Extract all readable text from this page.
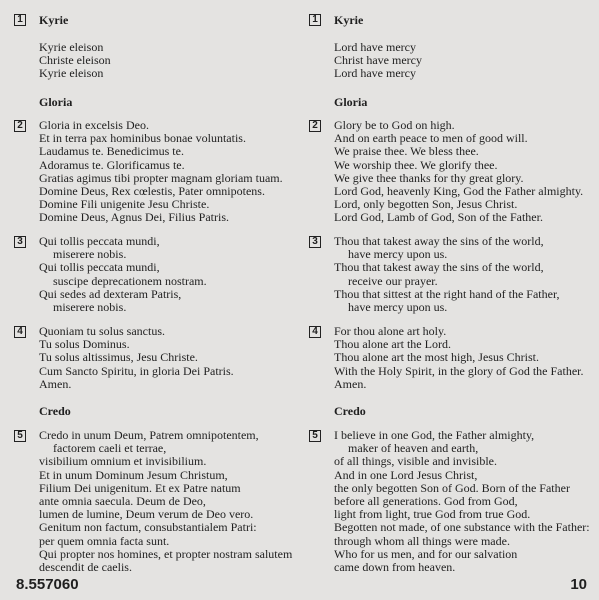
1 Kyrie
Kyrie eleison
Christe eleison
Kyrie eleison
Gloria
2 Gloria in excelsis Deo.
Et in terra pax hominibus bonae voluntatis.
Laudamus te. Benedicimus te.
Adoramus te. Glorificamus te.
Gratias agimus tibi propter magnam gloriam tuam.
Domine Deus, Rex cœlestis, Pater omnipotens.
Domine Fili unigenite Jesu Christe.
Domine Deus, Agnus Dei, Filius Patris.
3 Qui tollis peccata mundi,
miserere nobis.
Qui tollis peccata mundi,
suscipe deprecationem nostram.
Qui sedes ad dexteram Patris,
miserere nobis.
4 Quoniam tu solus sanctus.
Tu solus Dominus.
Tu solus altissimus, Jesu Christe.
Cum Sancto Spiritu, in gloria Dei Patris.
Amen.
Credo
5 Credo in unum Deum, Patrem omnipotentem,
factorem caeli et terrae,
visibilium omnium et invisibilium.
Et in unum Dominum Jesum Christum,
Filium Dei unigenitum. Et ex Patre natum
ante omnia saecula. Deum de Deo,
lumen de lumine, Deum verum de Deo vero.
Genitum non factum, consubstantialem Patri:
per quem omnia facta sunt.
Qui propter nos homines, et propter nostram salutem
descendit de caelis.
1 Kyrie
Lord have mercy
Christ have mercy
Lord have mercy
Gloria
2 Glory be to God on high.
And on earth peace to men of good will.
We praise thee. We bless thee.
We worship thee. We glorify thee.
We give thee thanks for thy great glory.
Lord God, heavenly King, God the Father almighty.
Lord, only begotten Son, Jesus Christ.
Lord God, Lamb of God, Son of the Father.
3 Thou that takest away the sins of the world,
have mercy upon us.
Thou that takest away the sins of the world,
receive our prayer.
Thou that sittest at the right hand of the Father,
have mercy upon us.
4 For thou alone art holy.
Thou alone art the Lord.
Thou alone art the most high, Jesus Christ.
With the Holy Spirit, in the glory of God the Father.
Amen.
Credo
5 I believe in one God, the Father almighty,
maker of heaven and earth,
of all things, visible and invisible.
And in one Lord Jesus Christ,
the only begotten Son of God. Born of the Father
before all generations. God from God,
light from light, true God from true God.
Begotten not made, of one substance with the Father:
through whom all things were made.
Who for us men, and for our salvation
came down from heaven.
8.557060	10
